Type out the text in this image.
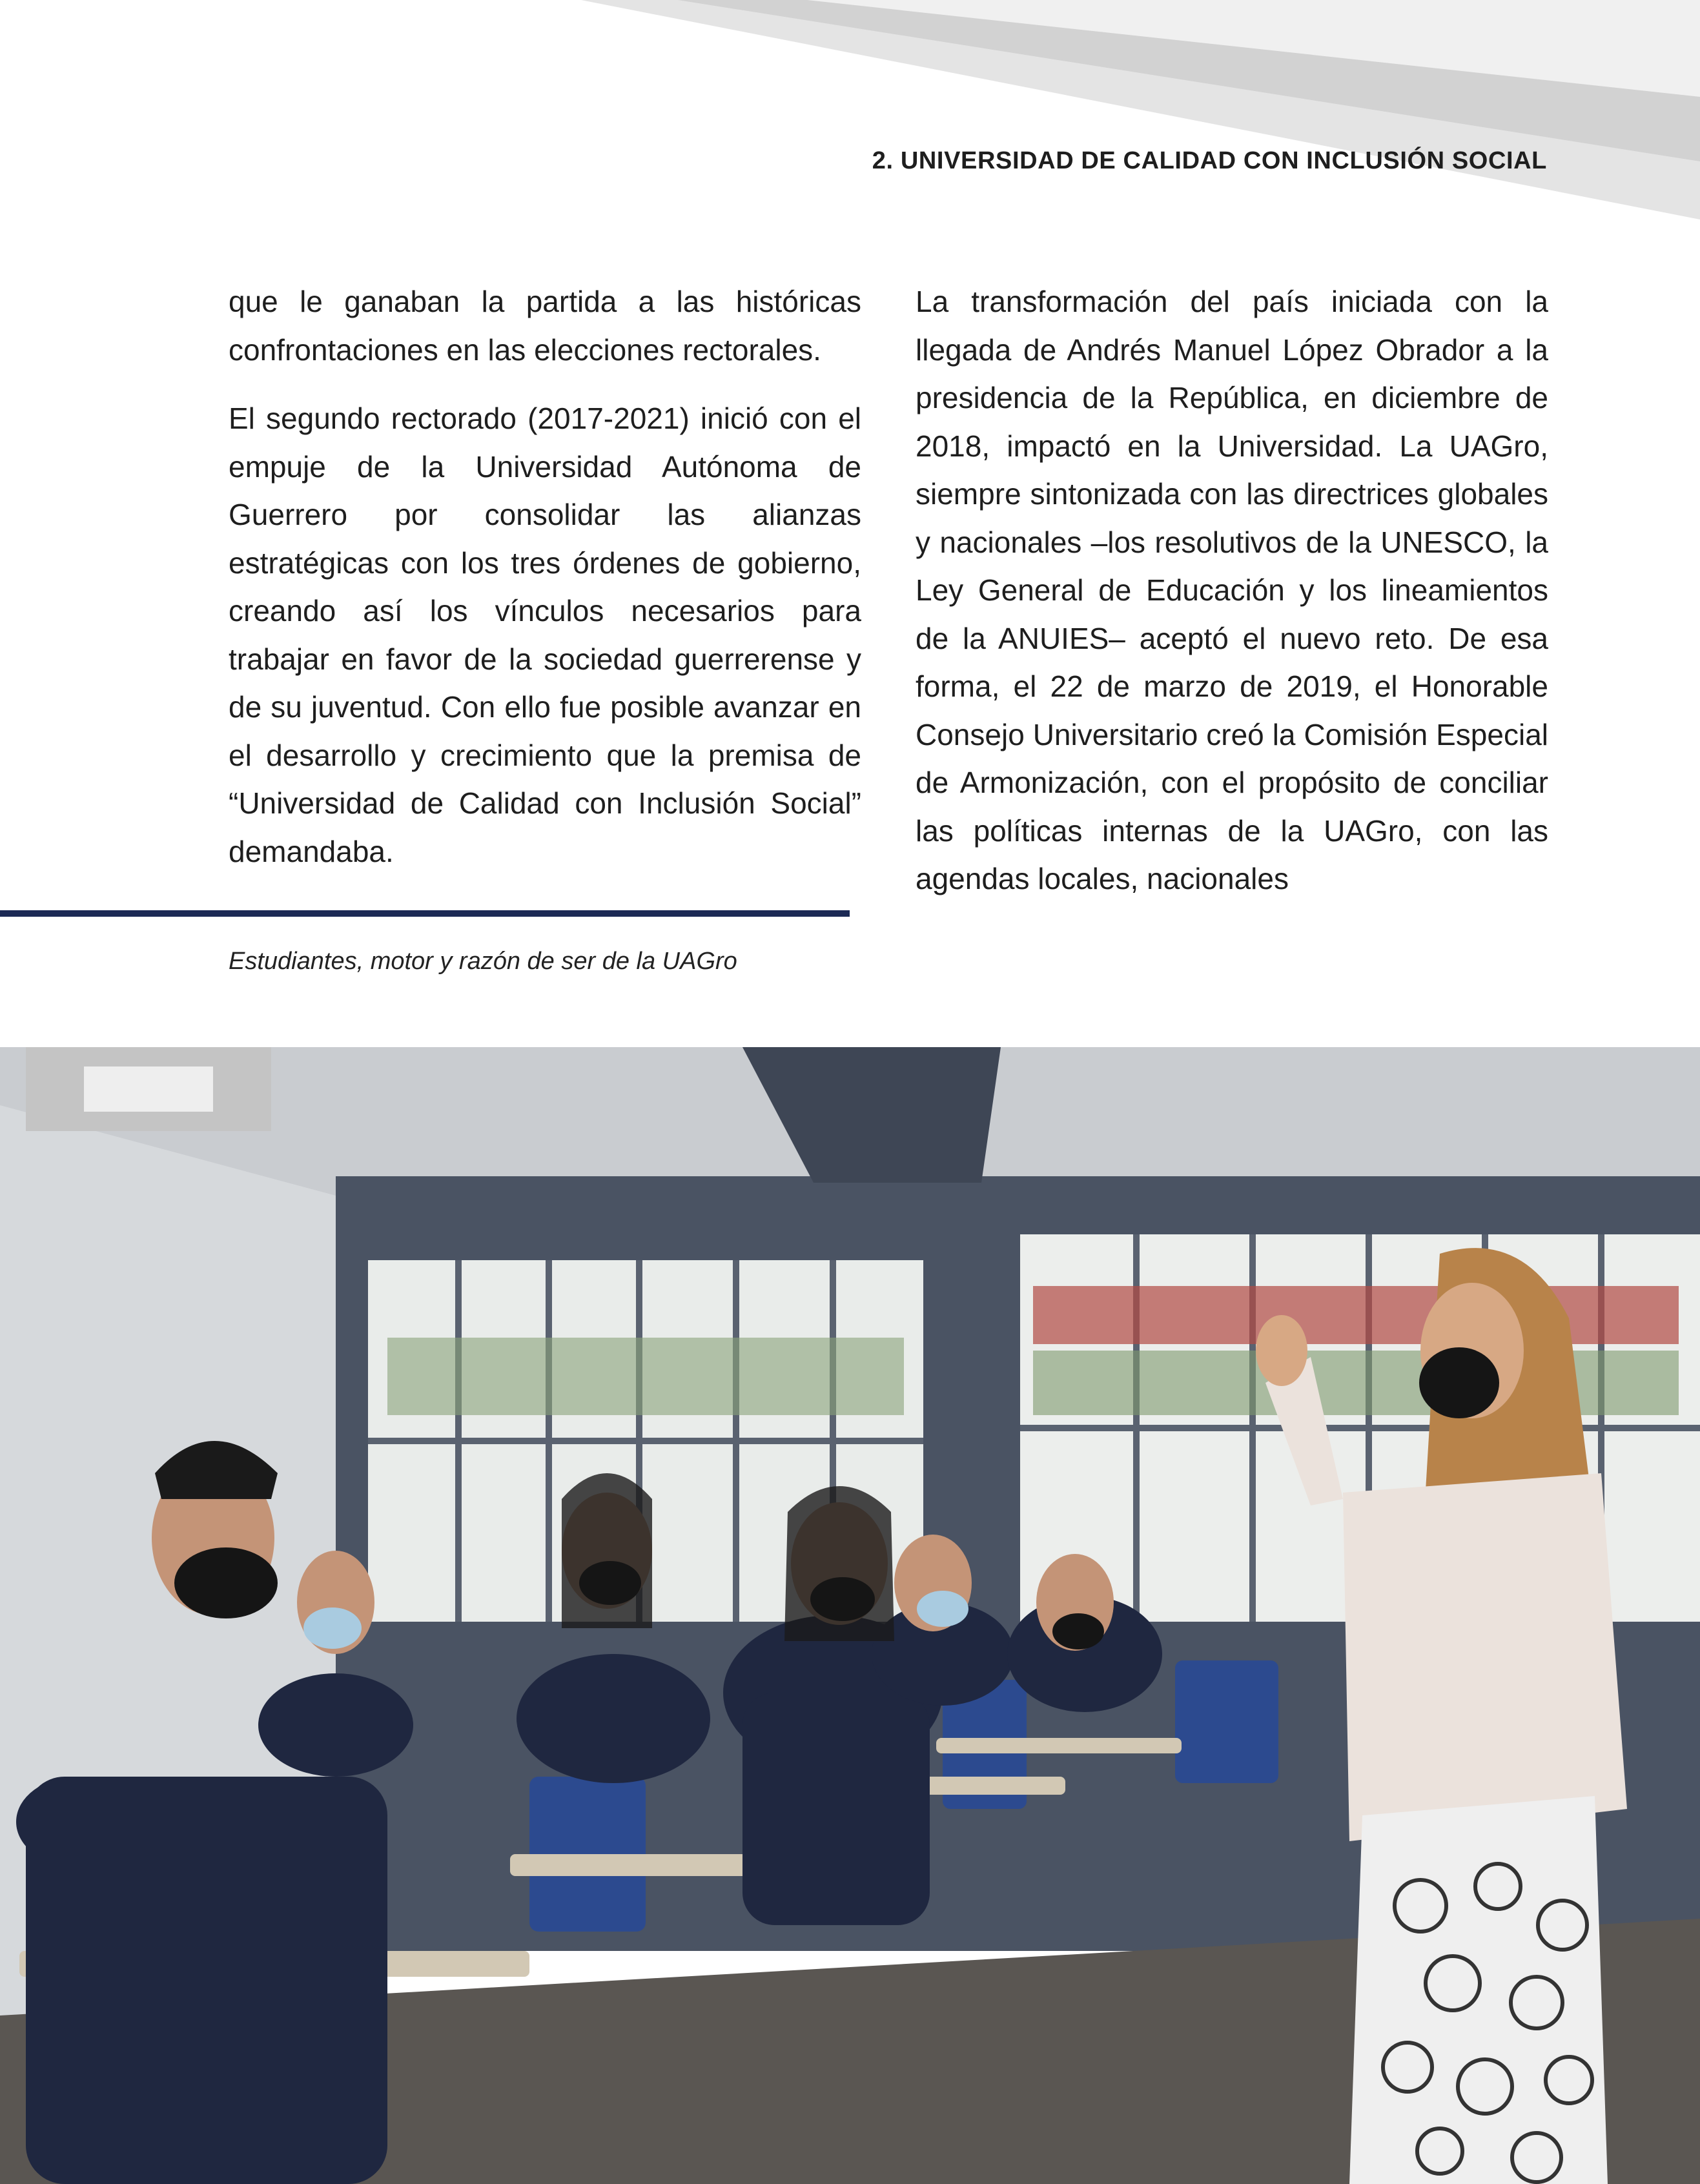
2. UNIVERSIDAD DE CALIDAD CON INCLUSIÓN SOCIAL

que le ganaban la partida a las históricas confrontaciones en las elecciones rectorales.

El segundo rectorado (2017-2021) inició con el empuje de la Universidad Autónoma de Guerrero por consolidar las alianzas estratégicas con los tres órdenes de gobierno, creando así los vínculos necesarios para trabajar en favor de la sociedad guerrerense y de su juventud. Con ello fue posible avanzar en el desarrollo y crecimiento que la premisa de “Universidad de Calidad con Inclusión Social” demandaba.

La transformación del país iniciada con la llegada de Andrés Manuel López Obrador a la presidencia de la República, en diciembre de 2018, impactó en la Universidad. La UAGro, siempre sintonizada con las directrices globales y nacionales –los resolutivos de la UNESCO, la Ley General de Educación y los lineamientos de la ANUIES– aceptó el nuevo reto. De esa forma, el 22 de marzo de 2019, el Honorable Consejo Universitario creó la Comisión Especial de Armonización, con el propósito de conciliar las políticas internas de la UAGro, con las agendas locales, nacionales

Estudiantes, motor y razón de ser de la UAGro
